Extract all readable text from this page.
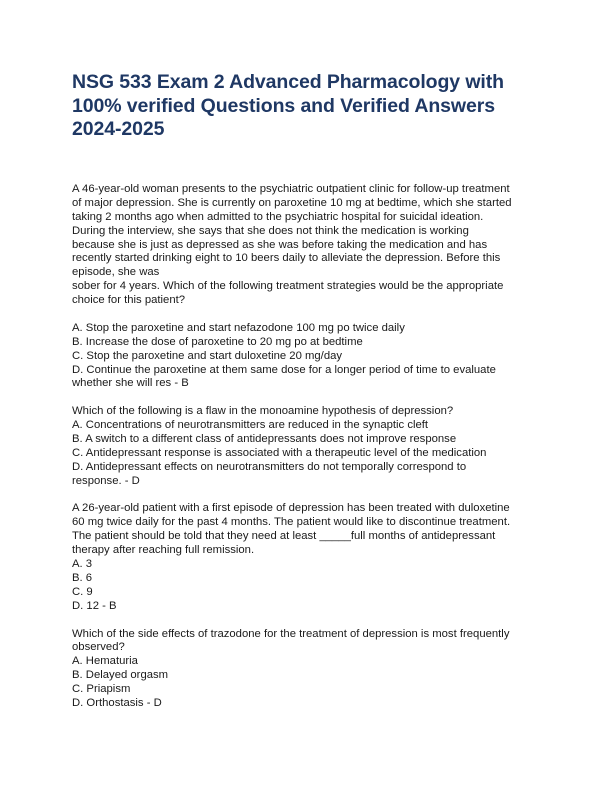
NSG 533 Exam 2 Advanced Pharmacology with
100% verified Questions and Verified Answers
2024-2025
A 46-year-old woman presents to the psychiatric outpatient clinic for follow-up treatment
of major depression. She is currently on paroxetine 10 mg at bedtime, which she started
taking 2 months ago when admitted to the psychiatric hospital for suicidal ideation.
During the interview, she says that she does not think the medication is working
because she is just as depressed as she was before taking the medication and has
recently started drinking eight to 10 beers daily to alleviate the depression. Before this
episode, she was
sober for 4 years. Which of the following treatment strategies would be the appropriate
choice for this patient?
A. Stop the paroxetine and start nefazodone 100 mg po twice daily
B. Increase the dose of paroxetine to 20 mg po at bedtime
C. Stop the paroxetine and start duloxetine 20 mg/day
D. Continue the paroxetine at them same dose for a longer period of time to evaluate
whether she will res - B
Which of the following is a flaw in the monoamine hypothesis of depression?
A. Concentrations of neurotransmitters are reduced in the synaptic cleft
B. A switch to a different class of antidepressants does not improve response
C. Antidepressant response is associated with a therapeutic level of the medication
D. Antidepressant effects on neurotransmitters do not temporally correspond to
response. - D
A 26-year-old patient with a first episode of depression has been treated with duloxetine
60 mg twice daily for the past 4 months. The patient would like to discontinue treatment.
The patient should be told that they need at least _____full months of antidepressant
therapy after reaching full remission.
A. 3
B. 6
C. 9
D. 12 - B
Which of the side effects of trazodone for the treatment of depression is most frequently
observed?
A. Hematuria
B. Delayed orgasm
C. Priapism
D. Orthostasis - D
